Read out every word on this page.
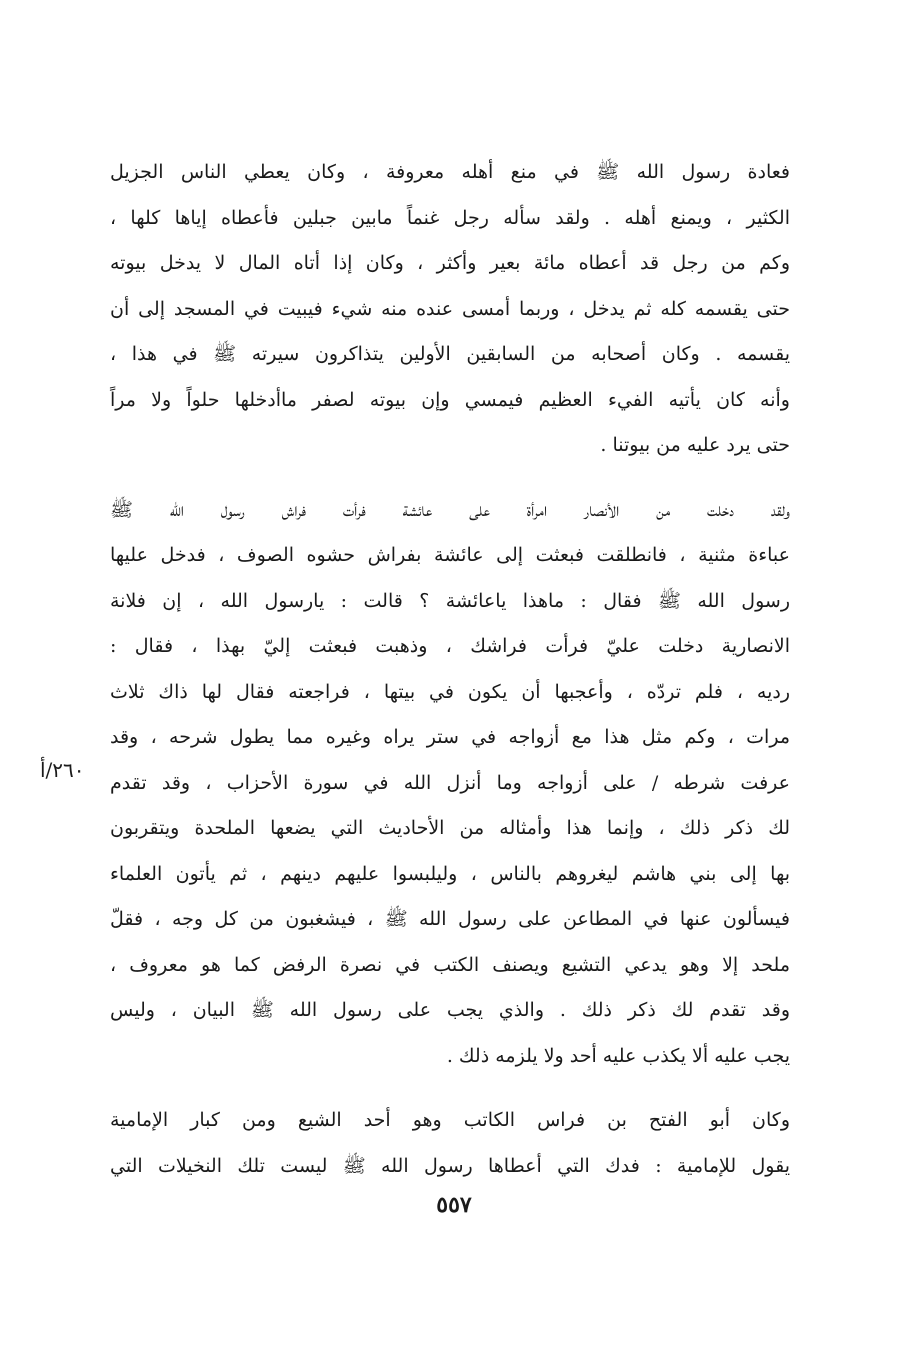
فعادة رسول الله ﷺ في منع أهله معروفة ، وكان يعطي الناس الجزيل
الكثير ، ويمنع أهله . ولقد سأله رجل غنماً مابين جبلين فأعطاه إياها كلها ،
وكم من رجل قد أعطاه مائة بعير وأكثر ، وكان إذا أتاه المال لا يدخل بيوته
حتى يقسمه كله ثم يدخل ، وربما أمسى عنده منه شيء فيبيت في المسجد إلى أن
يقسمه . وكان أصحابه من السابقين الأولين يتذاكرون سيرته ﷺ في هذا ،
وأنه كان يأتيه الفيء العظيم فيمسي وإن بيوته لصفر ماأدخلها حلواً ولا مراً
حتى يرد عليه من بيوتنا .
ولقد دخلت من الأنصار امرأة على عائشة فرأت فراش رسول الله ﷺ
عباءة مثنية ، فانطلقت فبعثت إلى عائشة بفراش حشوه الصوف ، فدخل عليها
رسول الله ﷺ فقال : ماهذا ياعائشة ؟ قالت : يارسول الله ، إن فلانة
الانصارية دخلت عليّ فرأت فراشك ، وذهبت فبعثت إليّ بهذا ، فقال :
رديه ، فلم تردّه ، وأعجبها أن يكون في بيتها ، فراجعته فقال لها ذاك ثلاث
مرات ، وكم مثل هذا مع أزواجه في ستر يراه وغيره مما يطول شرحه ، وقد
عرفت شرطه / على أزواجه وما أنزل الله في سورة الأحزاب ، وقد تقدم
لك ذكر ذلك ، وإنما هذا وأمثاله من الأحاديث التي يضعها الملحدة ويتقربون
بها إلى بني هاشم ليغروهم بالناس ، وليلبسوا عليهم دينهم ، ثم يأتون العلماء
فيسألون عنها في المطاعن على رسول الله ﷺ ، فيشغبون من كل وجه ، فقلّ
ملحد إلا وهو يدعي التشيع ويصنف الكتب في نصرة الرفض كما هو معروف ،
وقد تقدم لك ذكر ذلك . والذي يجب على رسول الله ﷺ البيان ، وليس
يجب عليه ألا يكذب عليه أحد ولا يلزمه ذلك .
وكان أبو الفتح بن فراس الكاتب وهو أحد الشيع ومن كبار الإمامية
يقول للإمامية : فدك التي أعطاها رسول الله ﷺ ليست تلك النخيلات التي
٢٦٠/أ
٥٥٧
